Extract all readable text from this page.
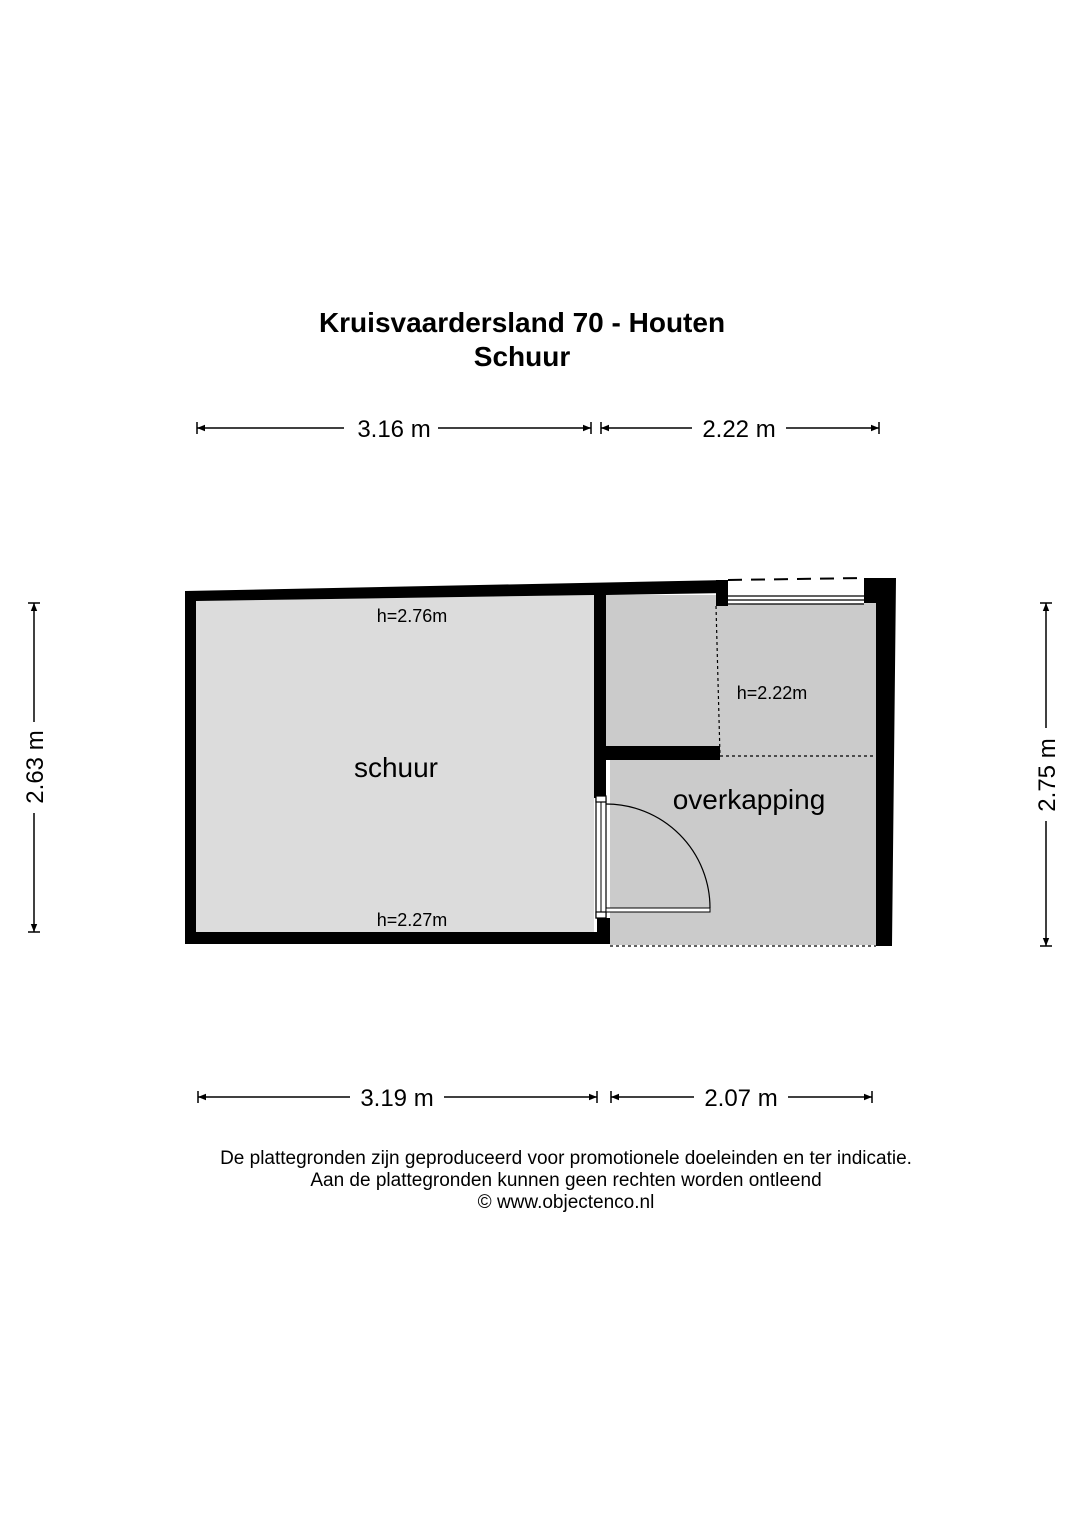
Kruisvaardersland 70 - Houten
Schuur
3.16 m	2.22 m
3.19 m	2.07 m
2.63 m	2.75 m
h=2.76m
schuur
h=2.27m
h=2.22m
overkapping
De plattegronden zijn geproduceerd voor promotionele doeleinden en ter indicatie.
Aan de plattegronden kunnen geen rechten worden ontleend
© www.objectenco.nl
